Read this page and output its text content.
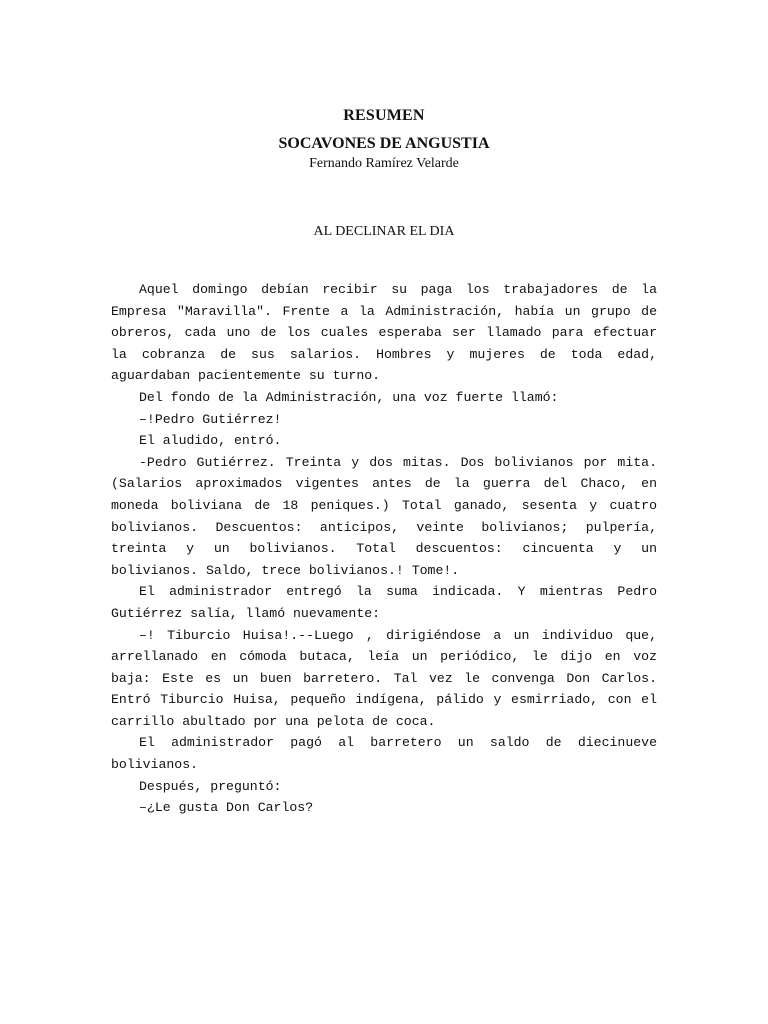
RESUMEN
SOCAVONES DE ANGUSTIA
Fernando Ramírez Velarde
AL DECLINAR EL DIA

Aquel domingo debían recibir su paga los trabajadores de la Empresa "Maravilla". Frente a la Administración, había un grupo de obreros, cada uno de los cuales esperaba ser llamado para efectuar la cobranza de sus salarios. Hombres y mujeres de toda edad, aguardaban pacientemente su turno.

Del fondo de la Administración, una voz fuerte llamó:

–!Pedro Gutiérrez!

El aludido, entró.

-Pedro Gutiérrez. Treinta y dos mitas. Dos bolivianos por mita.(Salarios aproximados vigentes antes de la guerra del Chaco, en moneda boliviana de 18 peniques.) Total ganado, sesenta y cuatro bolivianos. Descuentos: anticipos, veinte bolivianos; pulpería, treinta y un bolivianos. Total descuentos: cincuenta y un bolivianos. Saldo, trece bolivianos.! Tome!.

El administrador entregó la suma indicada. Y mientras Pedro Gutiérrez salía, llamó nuevamente:

–! Tiburcio Huisa!.--Luego , dirigiéndose a un individuo que, arrellanado en cómoda butaca, leía un periódico, le dijo en voz baja: Este es un buen barretero. Tal vez le convenga Don Carlos. Entró Tiburcio Huisa, pequeño indígena, pálido y esmirriado, con el carrillo abultado por una pelota de coca.

El administrador pagó al barretero un saldo de diecinueve bolivianos.

Después, preguntó:

–¿Le gusta Don Carlos?
